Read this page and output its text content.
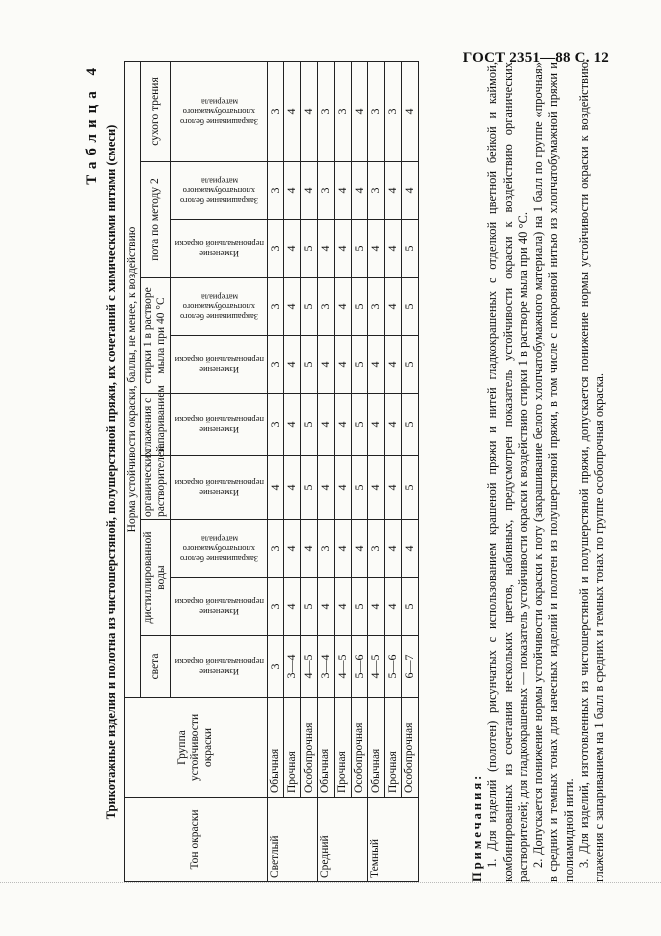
ГОСТ 2351—88 С. 12
Таблица 4
Трикотажные изделия и полотна из чистошерстяной, полушерстяной пряжи, их сочетаний с химическими нитями (смеси)
Тон окраски	Группа устойчивости окраски	Норма устойчивости окраски, баллы, не менее, к воздействию									
		света	дистиллированной воды		органических растворителей	глажения с запариванием	стирки 1 в растворе мыла при 40 °С		пота по методу 2		сухого трения

		Изменение первоначальной окраски	Изменение первоначальной окраски	Закрашивание белого хлопчатобумажного материала	Изменение первоначальной окраски	Изменение первоначальной окраски	Изменение первоначальной окраски	Закрашивание белого хлопчатобумажного материала	Изменение первоначальной окраски	Закрашивание белого хлопчатобумажного материала	Закрашивание белого хлопчатобумажного материала

Светлый	Обычная	3	3	3	4	3	3	3	3	3	3
	Прочная	3—4	4	4	4	4	4	4	4	4	4
	Особопрочная	4—5	5	4	5	5	5	5	5	4	4
Средний	Обычная	3—4	4	3	4	4	4	3	4	3	3
	Прочная	4—5	4	4	4	4	4	4	4	4	3
	Особопрочная	5—6	5	4	5	5	5	5	5	4	4
Темный	Обычная	4—5	4	3	4	4	4	3	4	3	3
	Прочная	5—6	4	4	4	4	4	4	4	4	3
	Особопрочная	6—7	5	4	5	5	5	5	5	4	4

Примечания: 1. Для изделий (полотен) рисунчатых с использованием крашеной пряжи и нитей гладкокрашеных с отделкой цветной бейкой и каймой, комбинированных из сочетания нескольких цветов, набивных, предусмотрен показатель устойчивости окраски к воздействию органических растворителей; для гладкокрашеных — показатель устойчивости окраски к воздействию стирки 1 в растворе мыла при 40 °С. 2. Допускается понижение нормы устойчивости окраски к поту (закрашивание белого хлопчатобумажного материала) на 1 балл по группе «прочная» в средних и темных тонах для начесных изделий и полотен из полушерстяной пряжи, в том числе с покровной нитью из хлопчатобумажной пряжи и полиамидной нити. 3. Для изделий, изготовленных из чистошерстяной и полушерстяной пряжи, допускается понижение нормы устойчивости окраски к воздействию глажения с запариванием на 1 балл в средних и темных тонах по группе особопрочная окраска.
